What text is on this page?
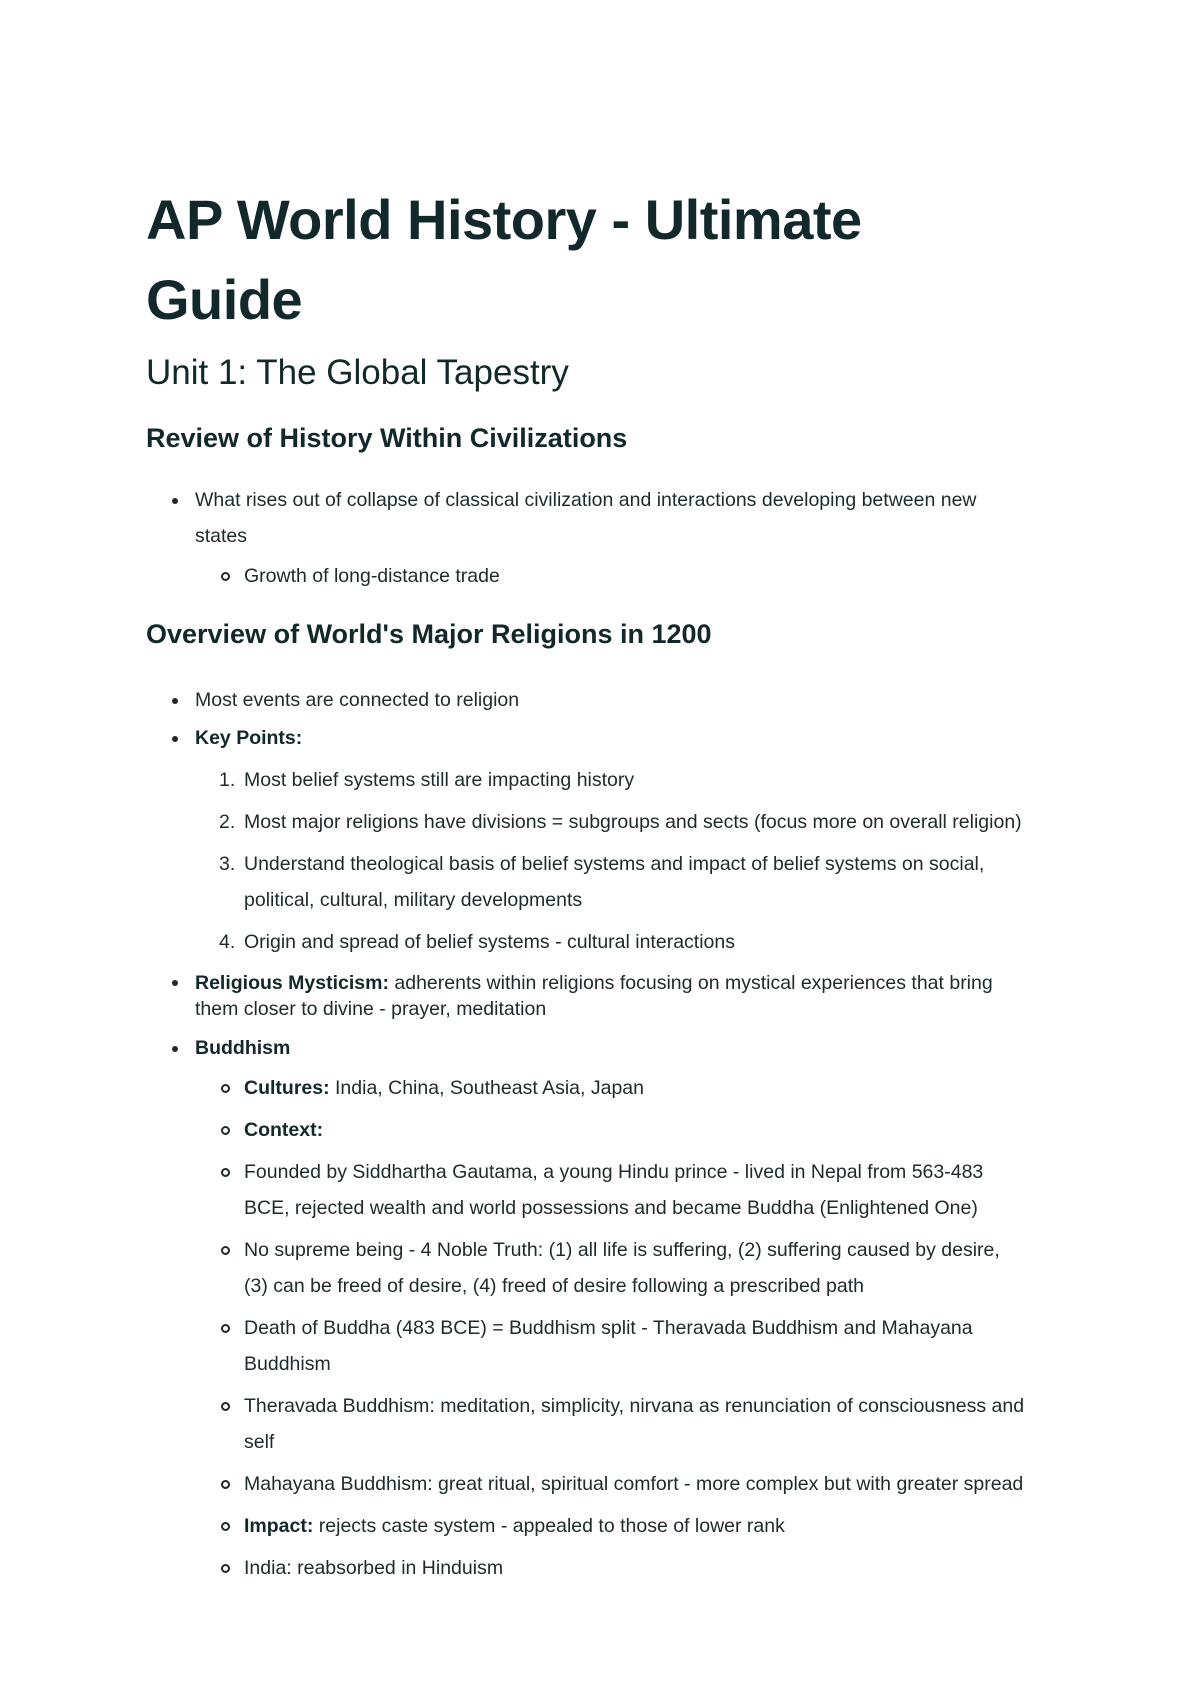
AP World History - Ultimate Guide
Unit 1: The Global Tapestry
Review of History Within Civilizations
What rises out of collapse of classical civilization and interactions developing between new states
Growth of long-distance trade
Overview of World's Major Religions in 1200
Most events are connected to religion
Key Points:
1. Most belief systems still are impacting history
2. Most major religions have divisions = subgroups and sects (focus more on overall religion)
3. Understand theological basis of belief systems and impact of belief systems on social, political, cultural, military developments
4. Origin and spread of belief systems - cultural interactions
Religious Mysticism: adherents within religions focusing on mystical experiences that bring them closer to divine - prayer, meditation
Buddhism
Cultures: India, China, Southeast Asia, Japan
Context:
Founded by Siddhartha Gautama, a young Hindu prince - lived in Nepal from 563-483 BCE, rejected wealth and world possessions and became Buddha (Enlightened One)
No supreme being - 4 Noble Truth: (1) all life is suffering, (2) suffering caused by desire, (3) can be freed of desire, (4) freed of desire following a prescribed path
Death of Buddha (483 BCE) = Buddhism split - Theravada Buddhism and Mahayana Buddhism
Theravada Buddhism: meditation, simplicity, nirvana as renunciation of consciousness and self
Mahayana Buddhism: great ritual, spiritual comfort - more complex but with greater spread
Impact: rejects caste system - appealed to those of lower rank
India: reabsorbed in Hinduism
